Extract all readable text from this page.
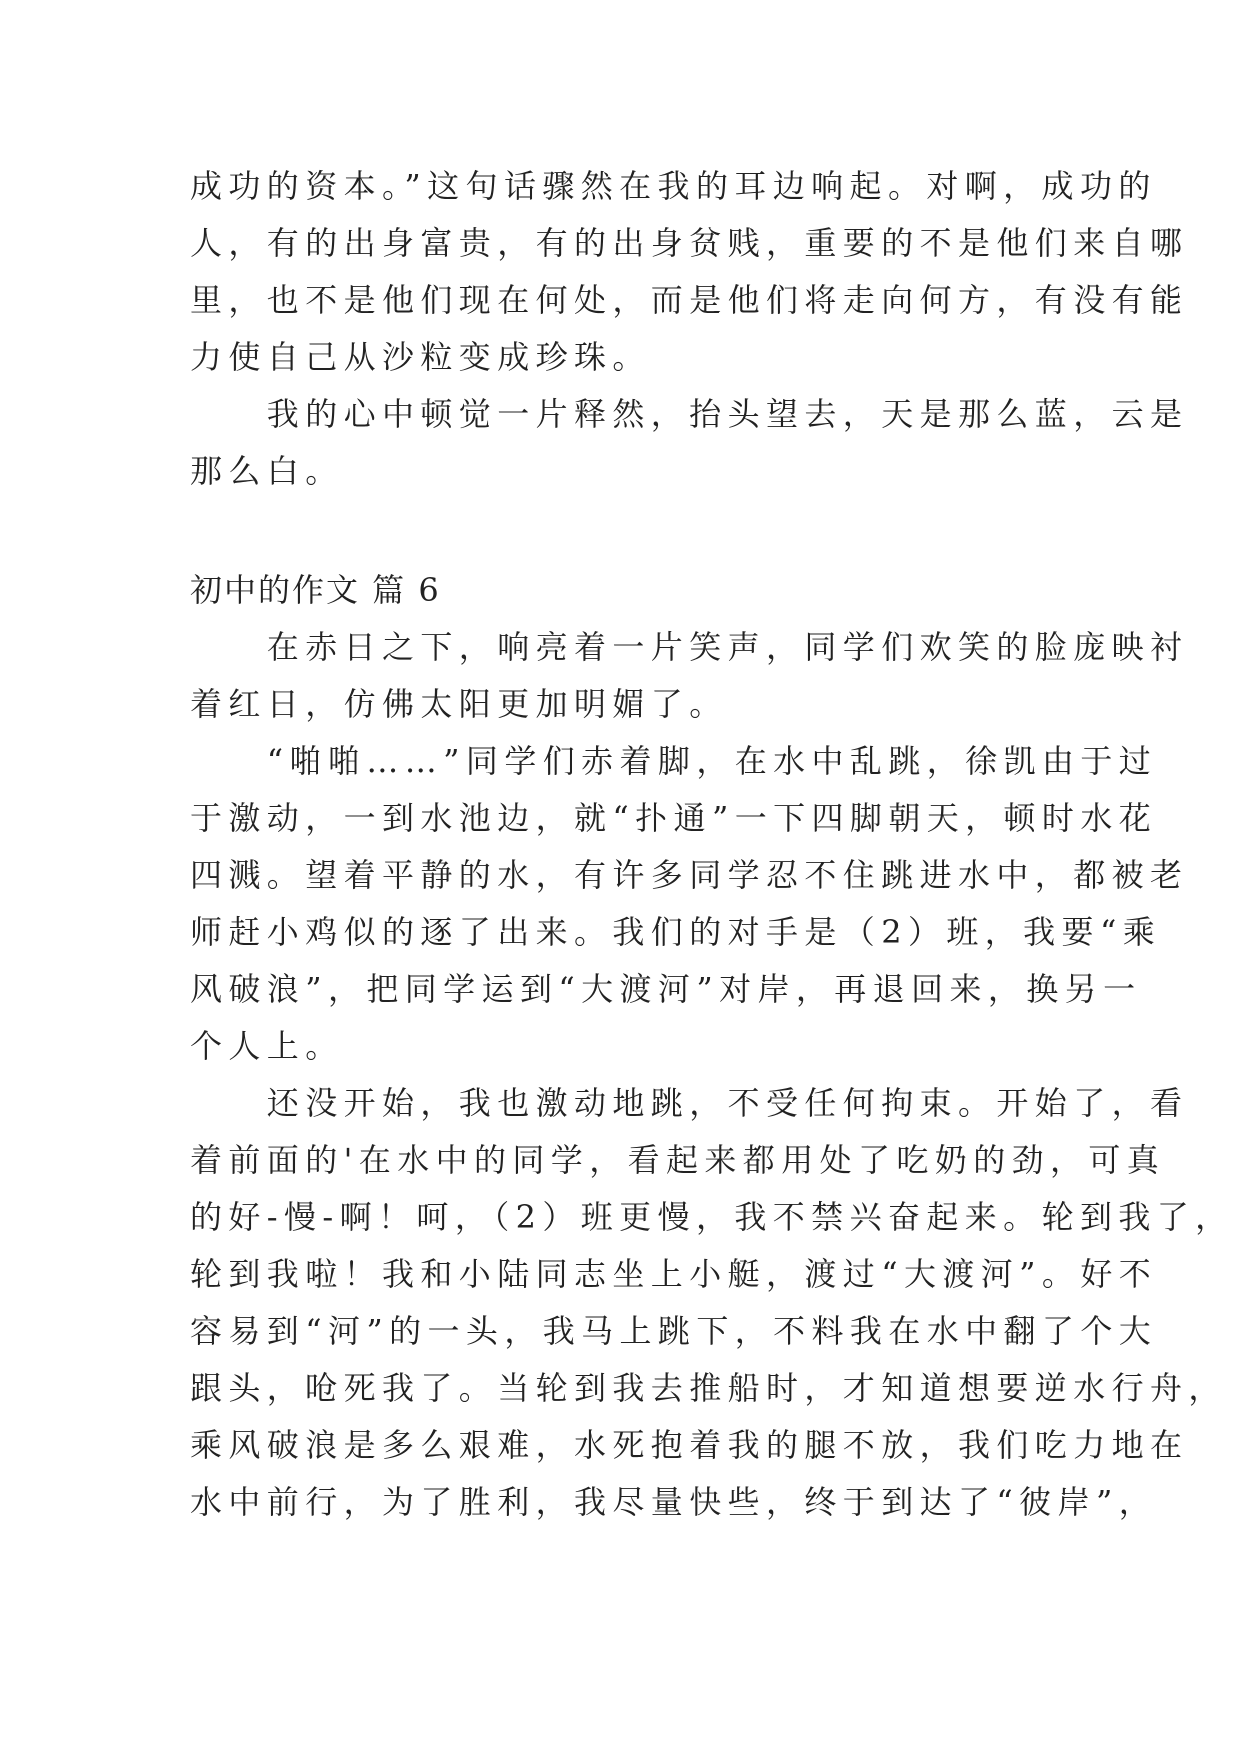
成功的资本。”这句话骤然在我的耳边响起。对啊，成功的

人，有的出身富贵，有的出身贫贱，重要的不是他们来自哪

里，也不是他们现在何处，而是他们将走向何方，有没有能

力使自己从沙粒变成珍珠。

　　我的心中顿觉一片释然，抬头望去，天是那么蓝，云是

那么白。

初中的作文 篇 6

　　在赤日之下，响亮着一片笑声，同学们欢笑的脸庞映衬

着红日，仿佛太阳更加明媚了。

　　“啪啪……”同学们赤着脚，在水中乱跳，徐凯由于过

于激动，一到水池边，就“扑通”一下四脚朝天，顿时水花

四溅。望着平静的水，有许多同学忍不住跳进水中，都被老

师赶小鸡似的逐了出来。我们的对手是（2）班，我要“乘

风破浪”，把同学运到“大渡河”对岸，再退回来，换另一

个人上。

　　还没开始，我也激动地跳，不受任何拘束。开始了，看

着前面的'在水中的同学，看起来都用处了吃奶的劲，可真

的好-慢-啊！呵，（2）班更慢，我不禁兴奋起来。轮到我了，

轮到我啦！我和小陆同志坐上小艇，渡过“大渡河”。好不

容易到“河”的一头，我马上跳下，不料我在水中翻了个大

跟头，呛死我了。当轮到我去推船时，才知道想要逆水行舟，

乘风破浪是多么艰难，水死抱着我的腿不放，我们吃力地在

水中前行，为了胜利，我尽量快些，终于到达了“彼岸”，
